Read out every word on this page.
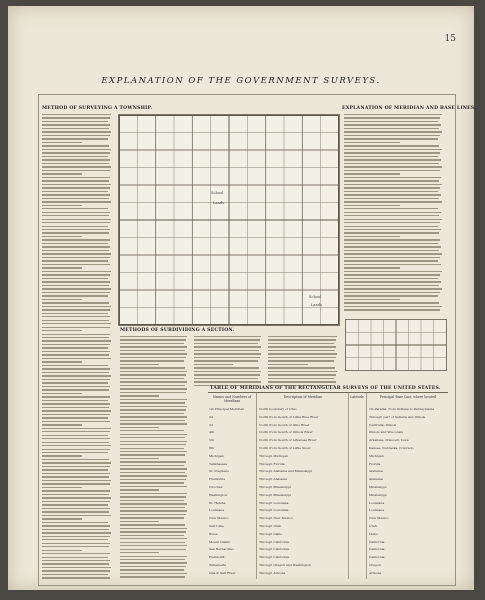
15
EXPLANATION OF THE GOVERNMENT SURVEYS.
METHOD OF SURVEYING A TOWNSHIP.
School
Lands
School
Lands
EXPLANATION OF MERIDIAN AND BASE LINES.
METHODS OF SUBDIVIDING A SECTION.
TABLE OF MERIDIANS OF THE RECTANGULAR SURVEYS OF THE UNITED STATES.
Names and Numbers of Meridians
Description of Meridian	Latitude	Principal Base Line, where located
1st Principal Meridian	North boundary of Ohio	On Parallel, from Indiana to Pennsylvania
2d	North from mouth of Little Blue River	Through part of Indiana and Illinois
3d	North from mouth of Ohio River	Centralia, Illinois
4th	North from mouth of Illinois River	Illinois and Wisconsin
5th	North from mouth of Arkansas River	Arkansas, Missouri, Iowa
6th	North from mouth of Little Sioux	Kansas, Nebraska, Colorado
Michigan	Through Michigan	Michigan
Tallahassee	Through Florida	Florida
St. Stephens	Through Alabama and Mississippi	Alabama
Huntsville	Through Alabama	Alabama
Choctaw	Through Mississippi	Mississippi
Washington	Through Mississippi	Mississippi
St. Helena	Through Louisiana	Louisiana
Louisiana	Through Louisiana	Louisiana
New Mexico	Through New Mexico	New Mexico
Salt Lake	Through Utah	Utah
Boise	Through Idaho	Idaho
Mount Diablo	Through California	California
San Bernardino	Through California	California
Humboldt	Through California	California
Willamette	Through Oregon and Washington	Oregon
Gila & Salt River	Through Arizona	Arizona
